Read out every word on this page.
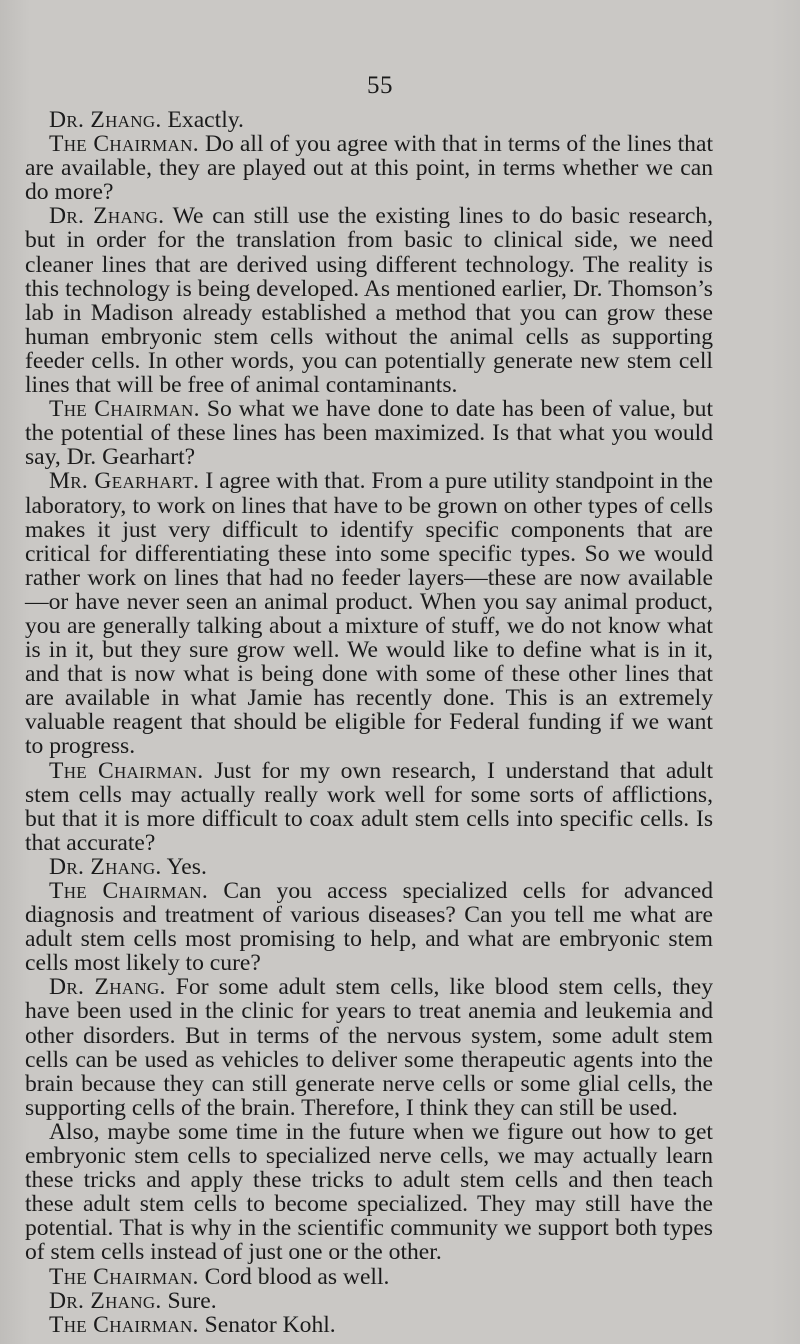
55

Dr. Zhang. Exactly.

The Chairman. Do all of you agree with that in terms of the lines that are available, they are played out at this point, in terms whether we can do more?

Dr. Zhang. We can still use the existing lines to do basic research, but in order for the translation from basic to clinical side, we need cleaner lines that are derived using different technology. The reality is this technology is being developed. As mentioned earlier, Dr. Thomson’s lab in Madison already established a method that you can grow these human embryonic stem cells without the animal cells as supporting feeder cells. In other words, you can potentially generate new stem cell lines that will be free of animal contaminants.

The Chairman. So what we have done to date has been of value, but the potential of these lines has been maximized. Is that what you would say, Dr. Gearhart?

Mr. Gearhart. I agree with that. From a pure utility standpoint in the laboratory, to work on lines that have to be grown on other types of cells makes it just very difficult to identify specific components that are critical for differentiating these into some specific types. So we would rather work on lines that had no feeder layers—these are now available—or have never seen an animal product. When you say animal product, you are generally talking about a mixture of stuff, we do not know what is in it, but they sure grow well. We would like to define what is in it, and that is now what is being done with some of these other lines that are available in what Jamie has recently done. This is an extremely valuable reagent that should be eligible for Federal funding if we want to progress.

The Chairman. Just for my own research, I understand that adult stem cells may actually really work well for some sorts of afflictions, but that it is more difficult to coax adult stem cells into specific cells. Is that accurate?

Dr. Zhang. Yes.

The Chairman. Can you access specialized cells for advanced diagnosis and treatment of various diseases? Can you tell me what are adult stem cells most promising to help, and what are embryonic stem cells most likely to cure?

Dr. Zhang. For some adult stem cells, like blood stem cells, they have been used in the clinic for years to treat anemia and leukemia and other disorders. But in terms of the nervous system, some adult stem cells can be used as vehicles to deliver some therapeutic agents into the brain because they can still generate nerve cells or some glial cells, the supporting cells of the brain. Therefore, I think they can still be used.

Also, maybe some time in the future when we figure out how to get embryonic stem cells to specialized nerve cells, we may actually learn these tricks and apply these tricks to adult stem cells and then teach these adult stem cells to become specialized. They may still have the potential. That is why in the scientific community we support both types of stem cells instead of just one or the other.

The Chairman. Cord blood as well.

Dr. Zhang. Sure.

The Chairman. Senator Kohl.
